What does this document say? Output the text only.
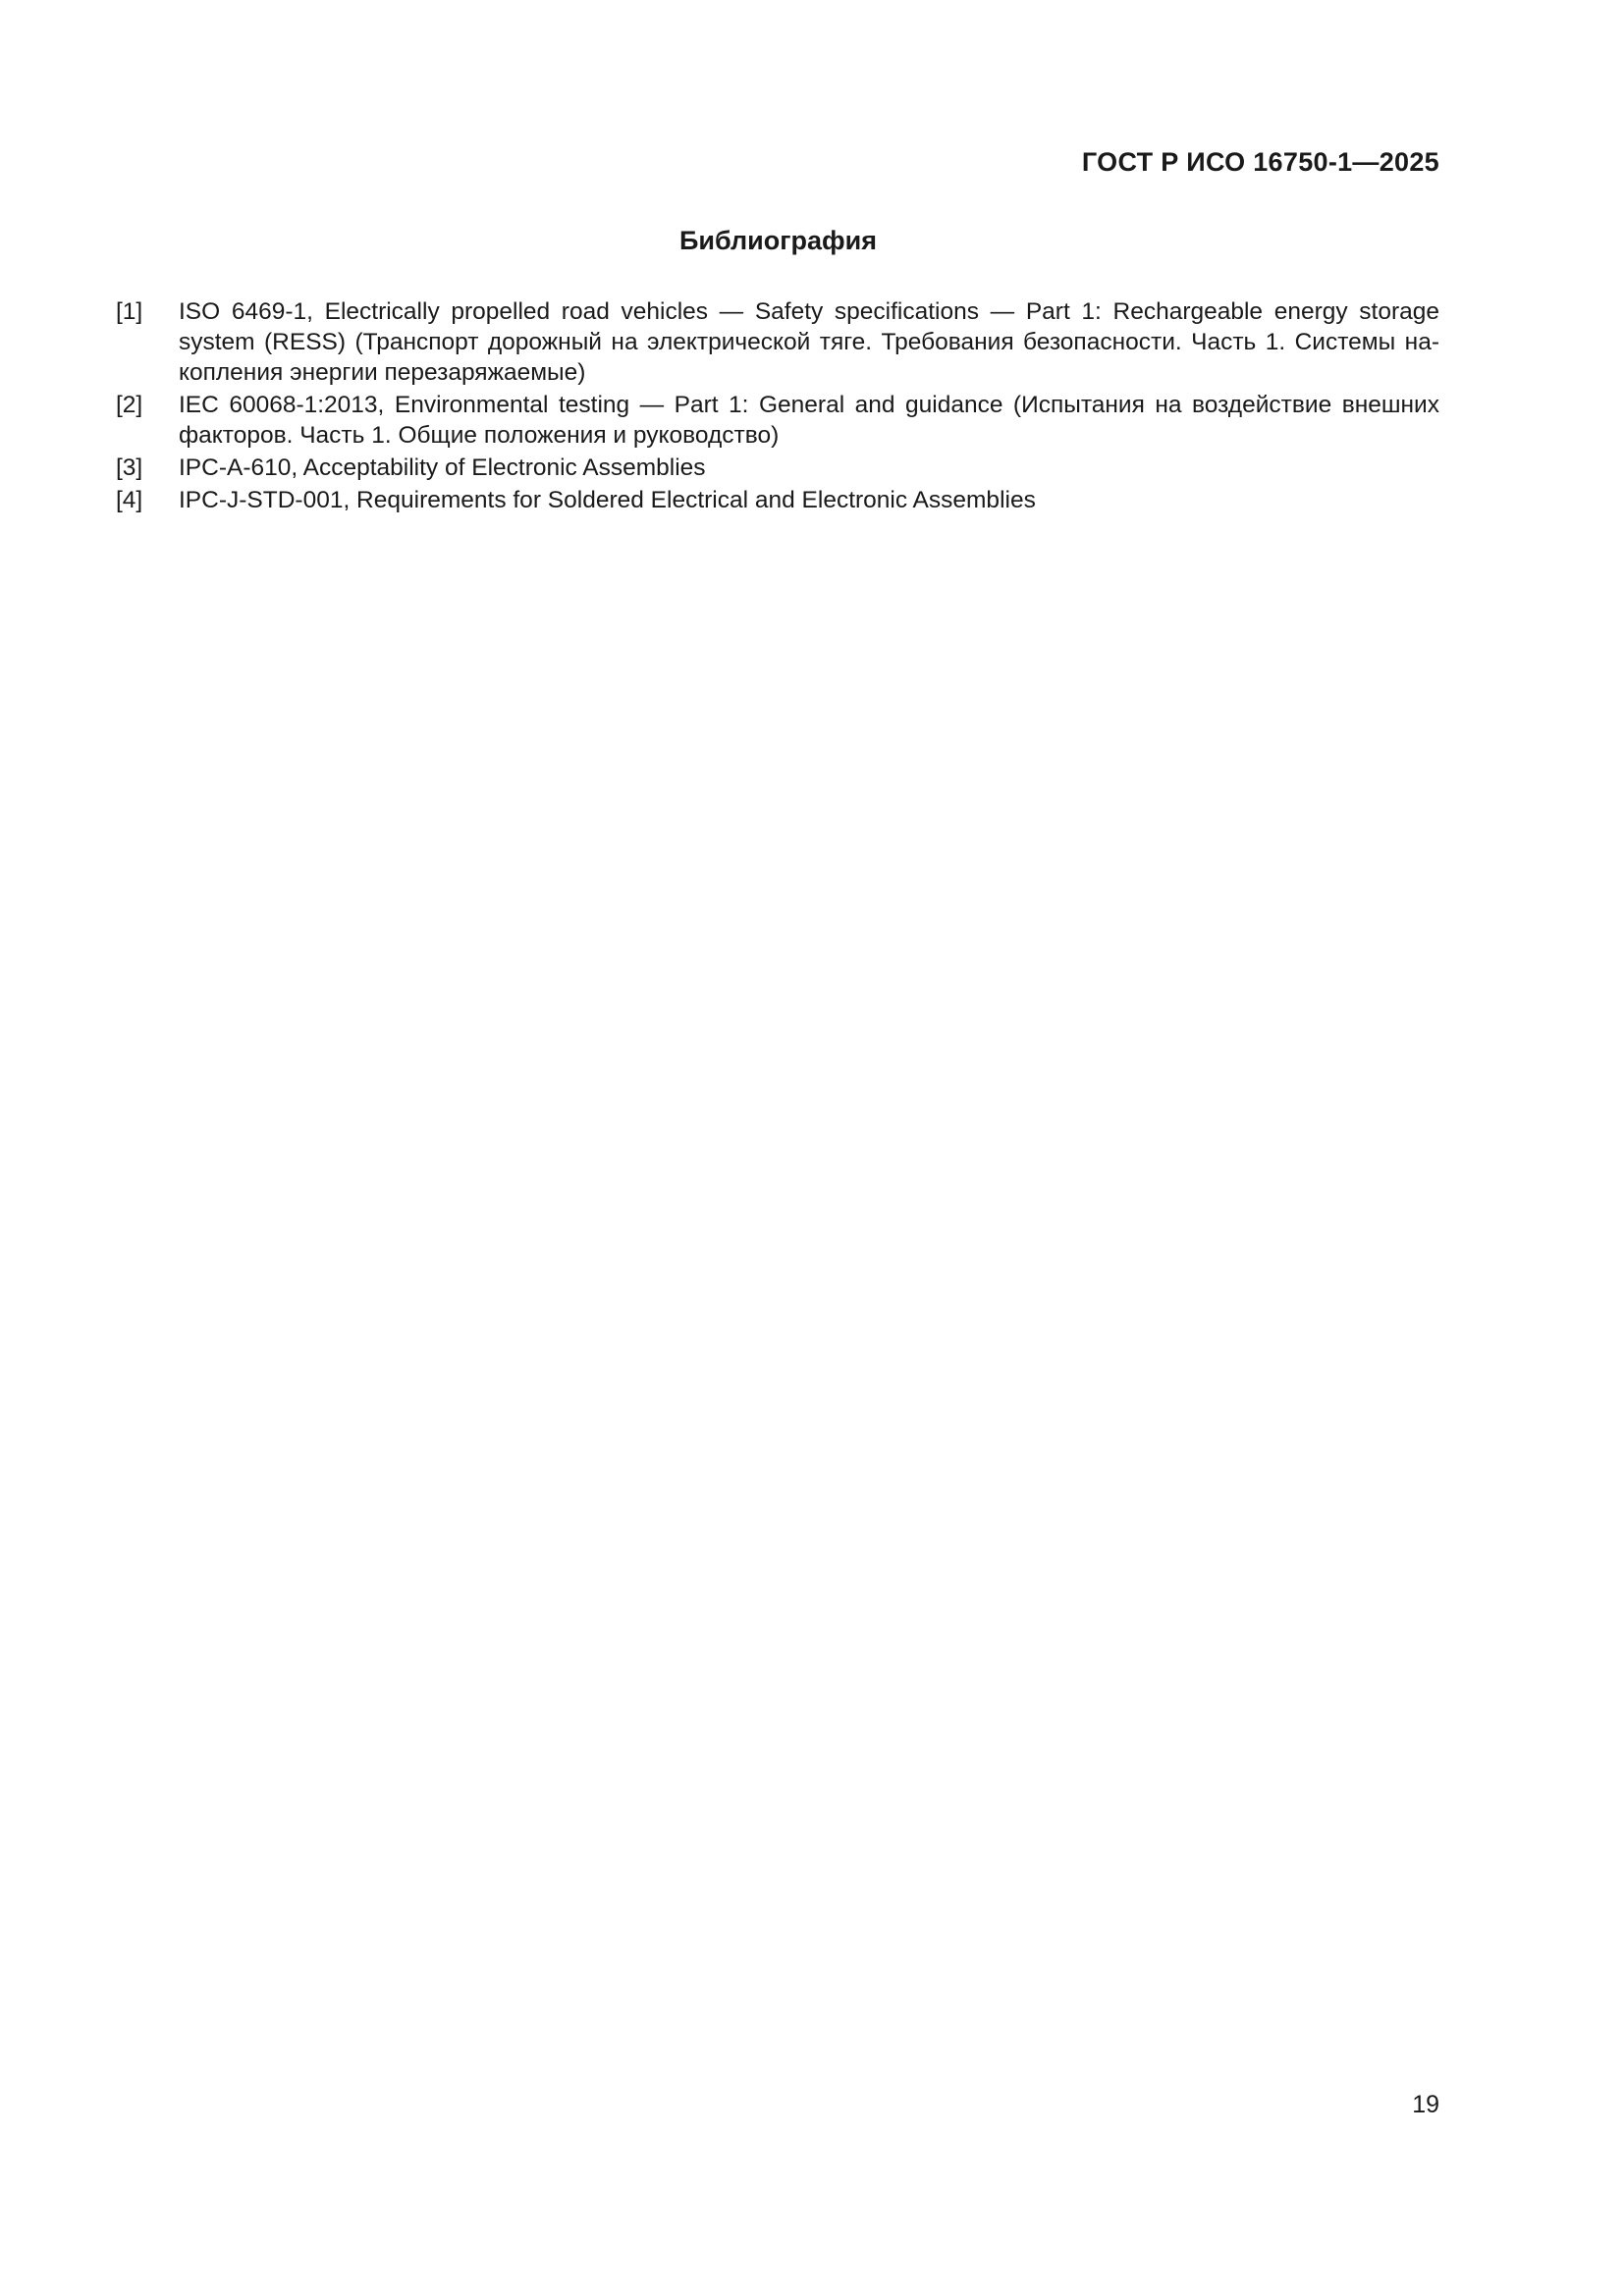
ГОСТ Р ИСО 16750-1—2025
Библиография
[1]	ISO 6469-1, Electrically propelled road vehicles — Safety specifications — Part 1: Rechargeable energy storage system (RESS) (Транспорт дорожный на электрической тяге. Требования безопасности. Часть 1. Системы накопления энергии перезаряжаемые)
[2]	IEC 60068-1:2013, Environmental testing — Part 1: General and guidance (Испытания на воздействие внешних факторов. Часть 1. Общие положения и руководство)
[3]	IPC-A-610, Acceptability of Electronic Assemblies
[4]	IPC-J-STD-001, Requirements for Soldered Electrical and Electronic Assemblies
19
